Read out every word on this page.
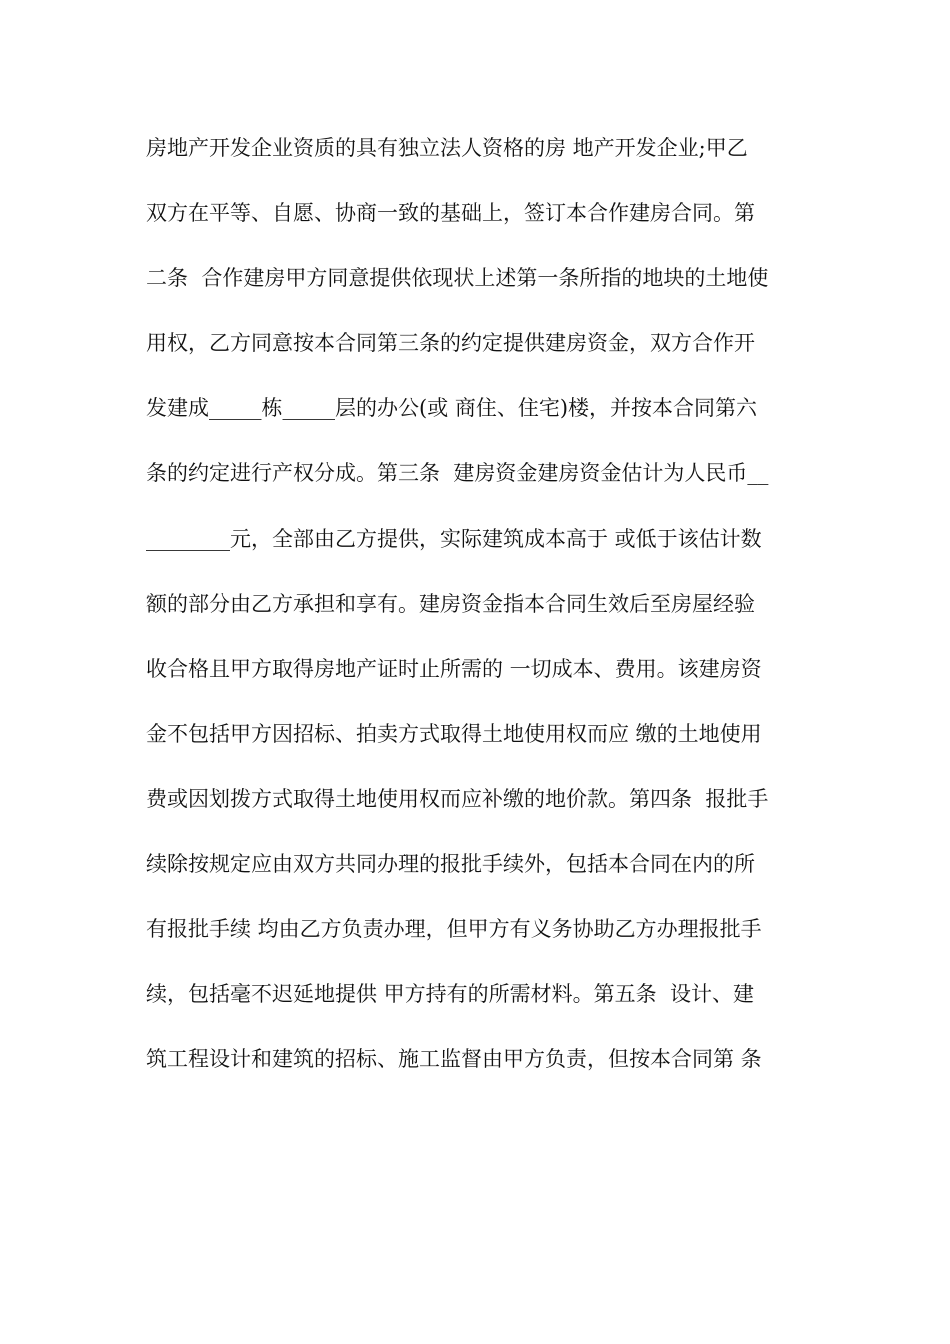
房地产开发企业资质的具有独立法人资格的房 地产开发企业;甲乙
双方在平等、自愿、协商一致的基础上，签订本合作建房合同。第
二条  合作建房甲方同意提供依现状上述第一条所指的地块的土地使
用权，乙方同意按本合同第三条的约定提供建房资金，双方合作开
发建成_____栋_____层的办公(或 商住、住宅)楼，并按本合同第六
条的约定进行产权分成。第三条  建房资金建房资金估计为人民币__
________元，全部由乙方提供，实际建筑成本高于 或低于该估计数
额的部分由乙方承担和享有。建房资金指本合同生效后至房屋经验
收合格且甲方取得房地产证时止所需的 一切成本、费用。该建房资
金不包括甲方因招标、拍卖方式取得土地使用权而应 缴的土地使用
费或因划拨方式取得土地使用权而应补缴的地价款。第四条  报批手
续除按规定应由双方共同办理的报批手续外，包括本合同在内的所
有报批手续 均由乙方负责办理，但甲方有义务协助乙方办理报批手
续，包括毫不迟延地提供 甲方持有的所需材料。第五条  设计、建
筑工程设计和建筑的招标、施工监督由甲方负责，但按本合同第 条
